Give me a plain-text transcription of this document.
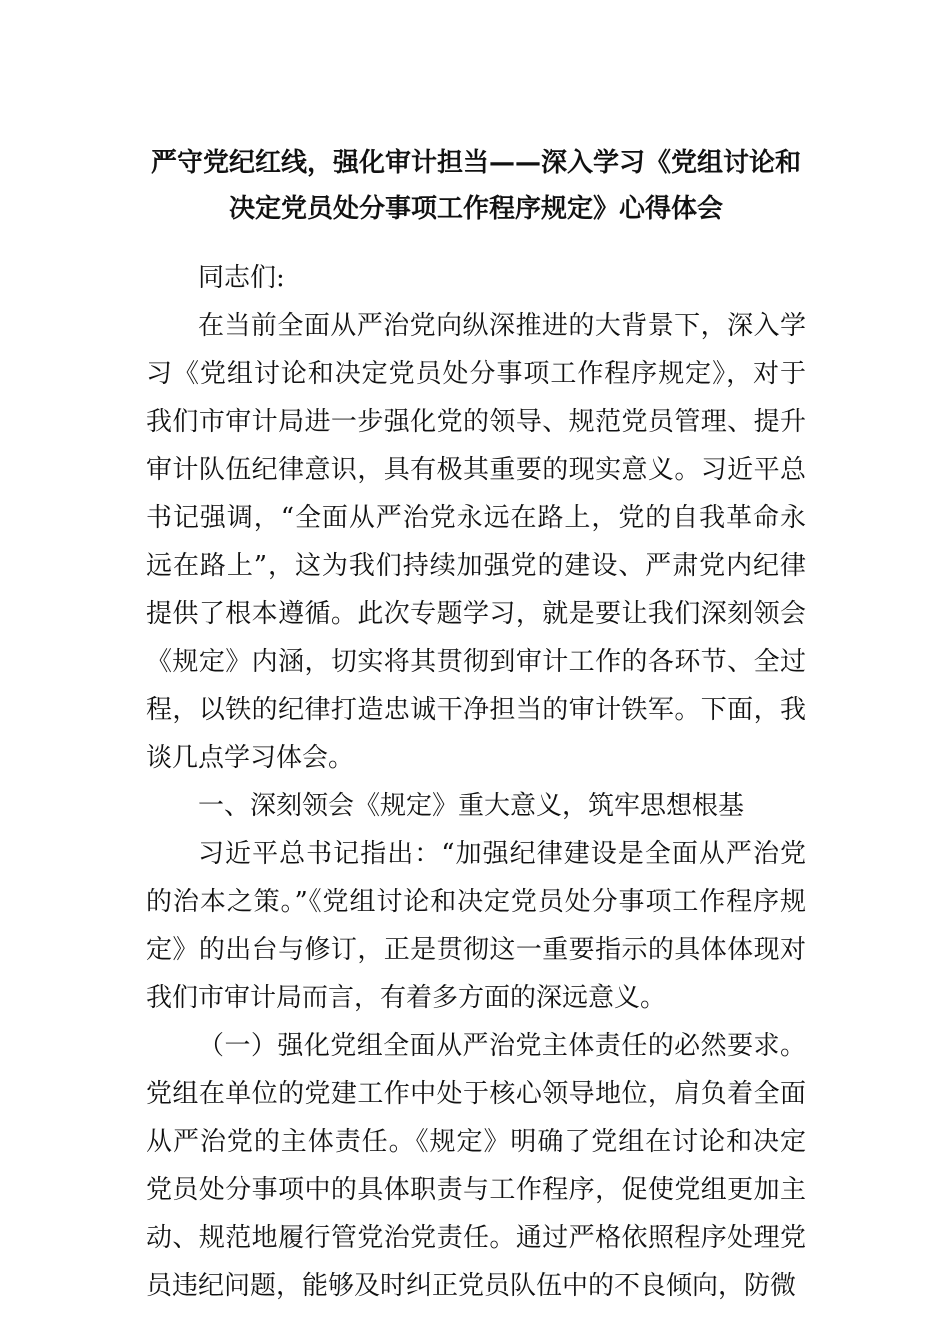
严守党纪红线，强化审计担当——深入学习《党组讨论和
决定党员处分事项工作程序规定》心得体会

同志们:

在当前全面从严治党向纵深推进的大背景下，深入学习《党组讨论和决定党员处分事项工作程序规定》，对于我们市审计局进一步强化党的领导、规范党员管理、提升审计队伍纪律意识，具有极其重要的现实意义。习近平总书记强调，“全面从严治党永远在路上，党的自我革命永远在路上”，这为我们持续加强党的建设、严肃党内纪律提供了根本遵循。此次专题学习，就是要让我们深刻领会《规定》内涵，切实将其贯彻到审计工作的各环节、全过程，以铁的纪律打造忠诚干净担当的审计铁军。下面，我谈几点学习体会。

一、深刻领会《规定》重大意义，筑牢思想根基

习近平总书记指出：“加强纪律建设是全面从严治党的治本之策。”《党组讨论和决定党员处分事项工作程序规定》的出台与修订，正是贯彻这一重要指示的具体体现对我们市审计局而言，有着多方面的深远意义。

（一）强化党组全面从严治党主体责任的必然要求。党组在单位的党建工作中处于核心领导地位，肩负着全面从严治党的主体责任。《规定》明确了党组在讨论和决定党员处分事项中的具体职责与工作程序，促使党组更加主动、规范地履行管党治党责任。通过严格依照程序处理党员违纪问题，能够及时纠正党员队伍中的不良倾向，防微
